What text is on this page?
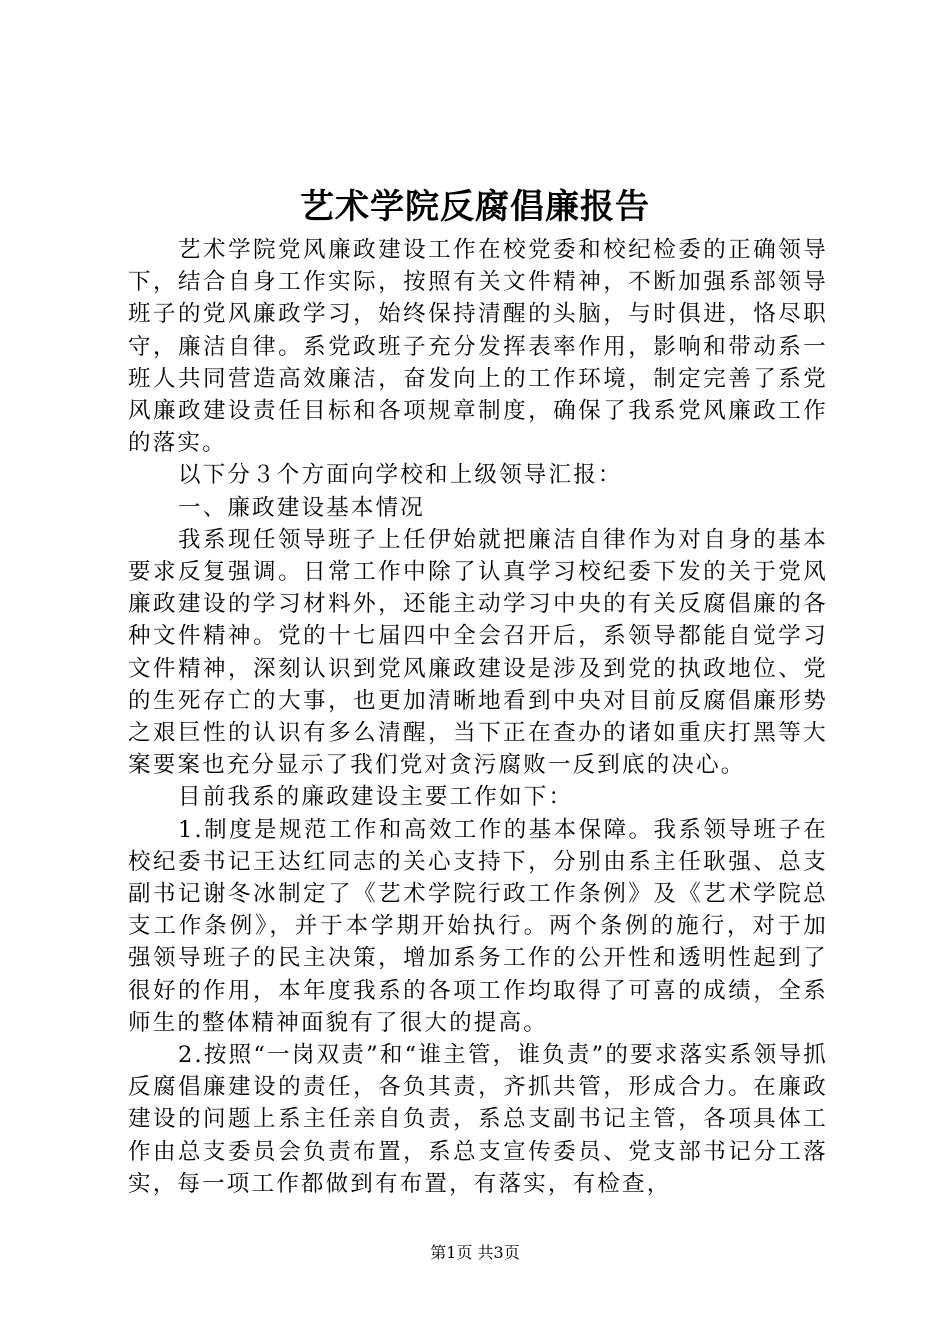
艺术学院反腐倡廉报告

艺术学院党风廉政建设工作在校党委和校纪检委的正确领导下，结合自身工作实际，按照有关文件精神，不断加强系部领导班子的党风廉政学习，始终保持清醒的头脑，与时俱进，恪尽职守，廉洁自律。系党政班子充分发挥表率作用，影响和带动系一班人共同营造高效廉洁，奋发向上的工作环境，制定完善了系党风廉政建设责任目标和各项规章制度，确保了我系党风廉政工作的落实。

以下分３个方面向学校和上级领导汇报：

一、廉政建设基本情况

我系现任领导班子上任伊始就把廉洁自律作为对自身的基本要求反复强调。日常工作中除了认真学习校纪委下发的关于党风廉政建设的学习材料外，还能主动学习中央的有关反腐倡廉的各种文件精神。党的十七届四中全会召开后，系领导都能自觉学习文件精神，深刻认识到党风廉政建设是涉及到党的执政地位、党的生死存亡的大事，也更加清晰地看到中央对目前反腐倡廉形势之艰巨性的认识有多么清醒，当下正在查办的诸如重庆打黑等大案要案也充分显示了我们党对贪污腐败一反到底的决心。

目前我系的廉政建设主要工作如下：

1.制度是规范工作和高效工作的基本保障。我系领导班子在校纪委书记王达红同志的关心支持下，分别由系主任耿强、总支副书记谢冬冰制定了《艺术学院行政工作条例》及《艺术学院总支工作条例》，并于本学期开始执行。两个条例的施行，对于加强领导班子的民主决策，增加系务工作的公开性和透明性起到了很好的作用，本年度我系的各项工作均取得了可喜的成绩，全系师生的整体精神面貌有了很大的提高。

2.按照“一岗双责”和“谁主管，谁负责”的要求落实系领导抓反腐倡廉建设的责任，各负其责，齐抓共管，形成合力。在廉政建设的问题上系主任亲自负责，系总支副书记主管，各项具体工作由总支委员会负责布置，系总支宣传委员、党支部书记分工落实，每一项工作都做到有布置，有落实，有检查，

第1页 共3页
